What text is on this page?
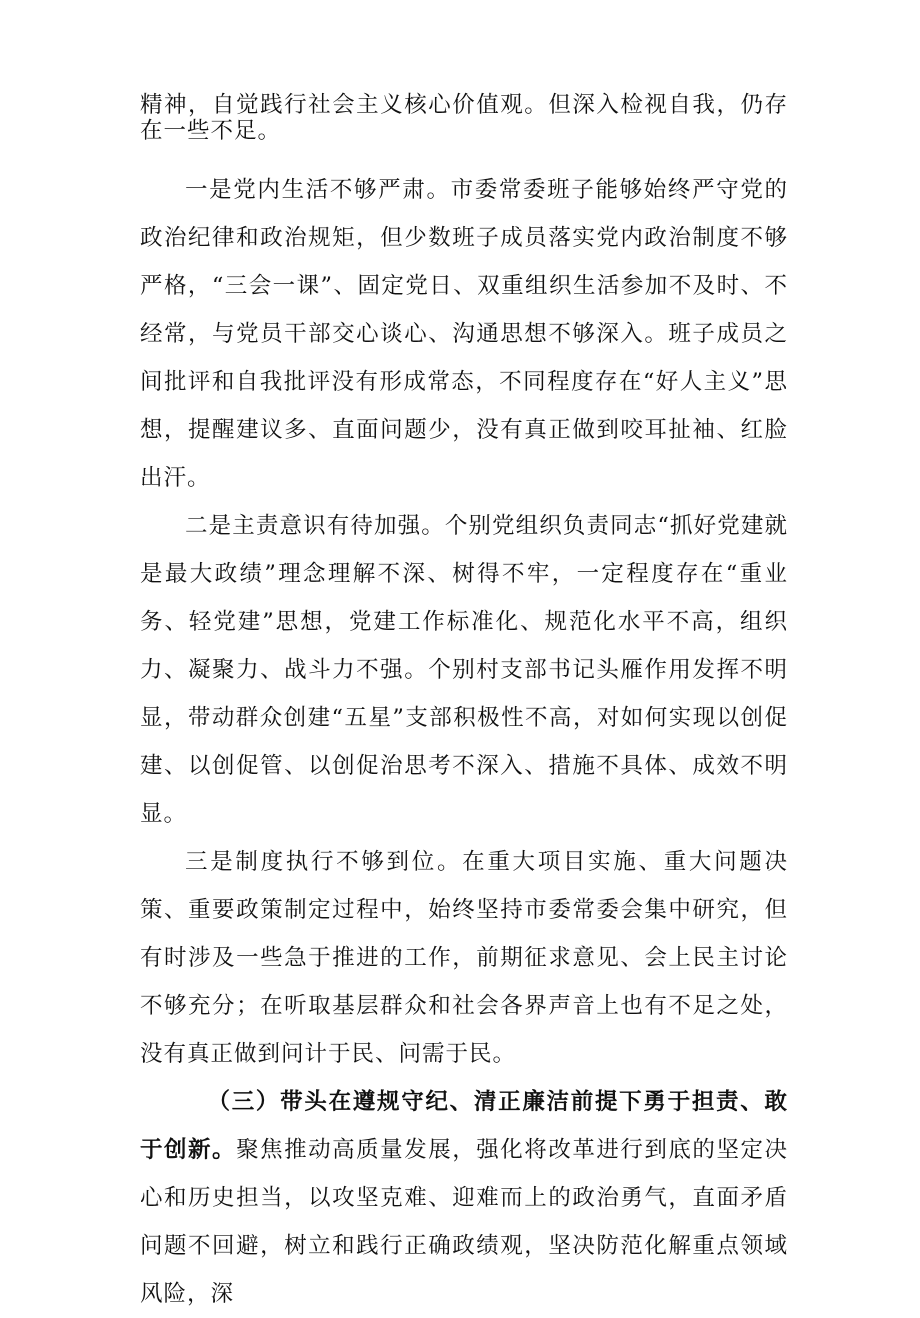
精神，自觉践行社会主义核心价值观。但深入检视自我，仍存在一些不足。

一是党内生活不够严肃。市委常委班子能够始终严守党的政治纪律和政治规矩，但少数班子成员落实党内政治制度不够严格，“三会一课”、固定党日、双重组织生活参加不及时、不经常，与党员干部交心谈心、沟通思想不够深入。班子成员之间批评和自我批评没有形成常态，不同程度存在“好人主义”思想，提醒建议多、直面问题少，没有真正做到咬耳扯袖、红脸出汗。

二是主责意识有待加强。个别党组织负责同志“抓好党建就是最大政绩”理念理解不深、树得不牢，一定程度存在“重业务、轻党建”思想，党建工作标准化、规范化水平不高，组织力、凝聚力、战斗力不强。个别村支部书记头雁作用发挥不明显，带动群众创建“五星”支部积极性不高，对如何实现以创促建、以创促管、以创促治思考不深入、措施不具体、成效不明显。

三是制度执行不够到位。在重大项目实施、重大问题决策、重要政策制定过程中，始终坚持市委常委会集中研究，但有时涉及一些急于推进的工作，前期征求意见、会上民主讨论不够充分；在听取基层群众和社会各界声音上也有不足之处，没有真正做到问计于民、问需于民。

（三）带头在遵规守纪、清正廉洁前提下勇于担责、敢于创新。聚焦推动高质量发展，强化将改革进行到底的坚定决心和历史担当，以攻坚克难、迎难而上的政治勇气，直面矛盾问题不回避，树立和践行正确政绩观，坚决防范化解重点领域风险，深
